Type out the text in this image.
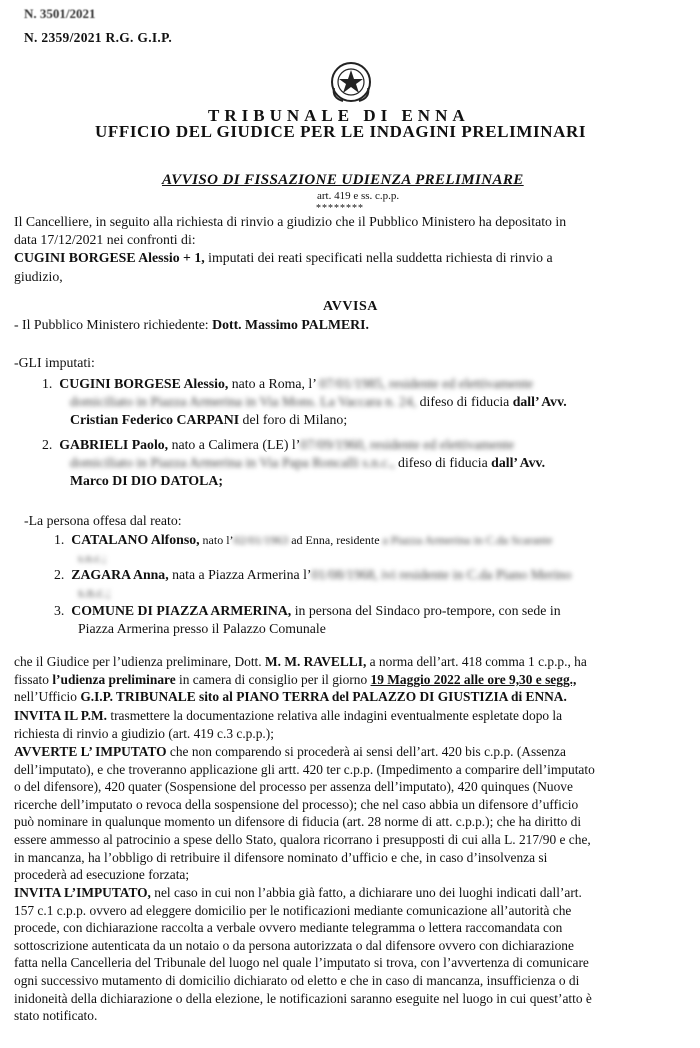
N. 3501/2021
N. 2359/2021 R.G. G.I.P.
TRIBUNALE DI ENNA
UFFICIO DEL GIUDICE PER LE INDAGINI PRELIMINARI
AVVISO DI FISSAZIONE UDIENZA PRELIMINARE
art. 419 e ss. c.p.p.
********
Il Cancelliere, in seguito alla richiesta di rinvio a giudizio che il Pubblico Ministero ha depositato in
data 17/12/2021 nei confronti di:
CUGINI BORGESE Alessio + 1, imputati dei reati specificati nella suddetta richiesta di rinvio a
giudizio,
AVVISA
- Il Pubblico Ministero richiedente: Dott. Massimo PALMERI.
-GLI imputati:
1. CUGINI BORGESE Alessio, nato a Roma, l’ 07/01/1985, residente ed elettivamente
domiciliato in Piazza Armerina in Via Mons. La Vaccara n. 24, difeso di fiducia dall’ Avv.
Cristian Federico CARPANI del foro di Milano;
2. GABRIELI Paolo, nato a Calimera (LE) l’07/09/1960, residente ed elettivamente
domiciliato in Piazza Armerina in Via Papa Roncalli s.n.c., difeso di fiducia dall’ Avv.
Marco DI DIO DATOLA;
-La persona offesa dal reato:
1. CATALANO Alfonso, nato l’02/01/1963 ad Enna, residente a Piazza Armerina in C.da Scarante
s.n.c.;
2. ZAGARA Anna, nata a Piazza Armerina l’01/08/1968, ivi residente in C.da Piano Merino
s.n.c.;
3. COMUNE DI PIAZZA ARMERINA, in persona del Sindaco pro-tempore, con sede in
Piazza Armerina presso il Palazzo Comunale
che il Giudice per l’udienza preliminare, Dott. M. M. RAVELLI, a norma dell’art. 418 comma 1 c.p.p., ha
fissato l’udienza preliminare in camera di consiglio per il giorno 19 Maggio 2022 alle ore 9,30 e segg.,
nell’Ufficio G.I.P. TRIBUNALE sito al PIANO TERRA del PALAZZO DI GIUSTIZIA di ENNA.
INVITA IL P.M. trasmettere la documentazione relativa alle indagini eventualmente espletate dopo la
richiesta di rinvio a giudizio (art. 419 c.3 c.p.p.);
AVVERTE L’ IMPUTATO che non comparendo si procederà ai sensi dell’art. 420 bis c.p.p. (Assenza
dell’imputato), e che troveranno applicazione gli artt. 420 ter c.p.p. (Impedimento a comparire dell’imputato
o del difensore), 420 quater (Sospensione del processo per assenza dell’imputato), 420 quinques (Nuove
ricerche dell’imputato o revoca della sospensione del processo); che nel caso abbia un difensore d’ufficio
può nominare in qualunque momento un difensore di fiducia (art. 28 norme di att. c.p.p.); che ha diritto di
essere ammesso al patrocinio a spese dello Stato, qualora ricorrano i presupposti di cui alla L. 217/90 e che,
in mancanza, ha l’obbligo di retribuire il difensore nominato d’ufficio e che, in caso d’insolvenza si
procederà ad esecuzione forzata;
INVITA L’IMPUTATO, nel caso in cui non l’abbia già fatto, a dichiarare uno dei luoghi indicati dall’art.
157 c.1 c.p.p. ovvero ad eleggere domicilio per le notificazioni mediante comunicazione all’autorità che
procede, con dichiarazione raccolta a verbale ovvero mediante telegramma o lettera raccomandata con
sottoscrizione autenticata da un notaio o da persona autorizzata o dal difensore ovvero con dichiarazione
fatta nella Cancelleria del Tribunale del luogo nel quale l’imputato si trova, con l’avvertenza di comunicare
ogni successivo mutamento di domicilio dichiarato od eletto e che in caso di mancanza, insufficienza o di
inidoneità della dichiarazione o della elezione, le notificazioni saranno eseguite nel luogo in cui quest’atto è
stato notificato.
